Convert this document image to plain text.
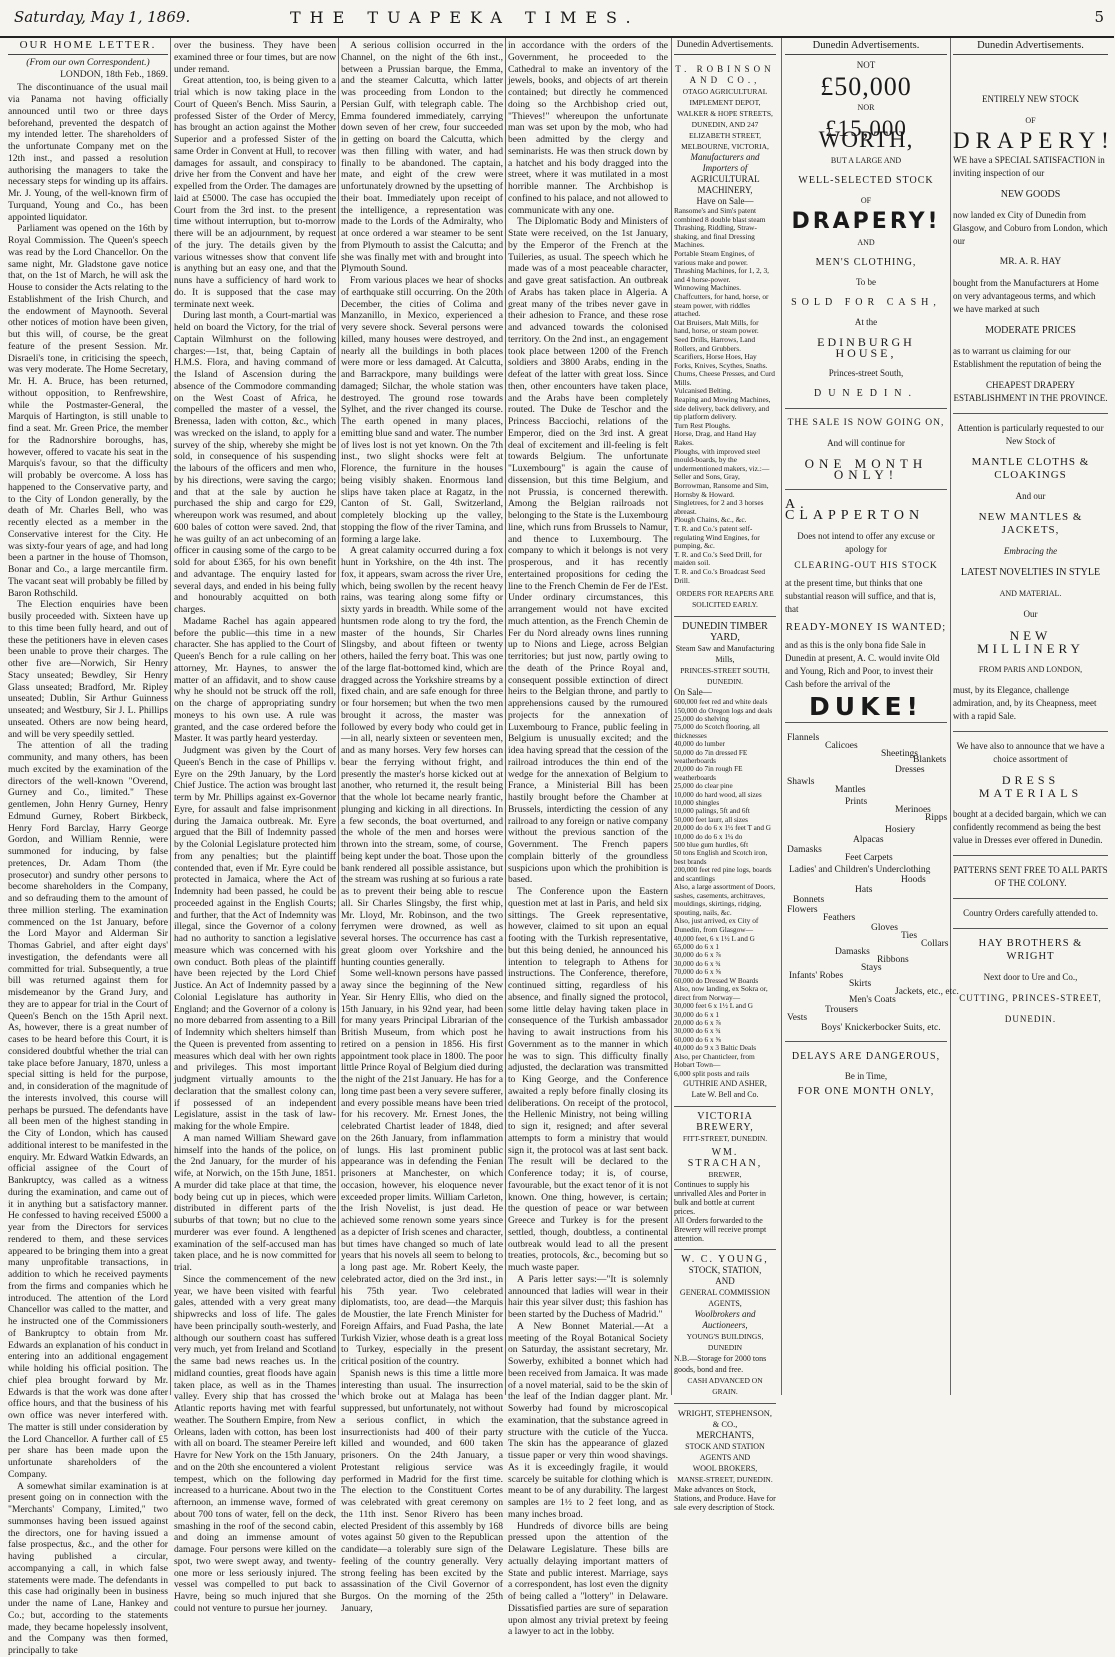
Saturday, May 1, 1869.	THE TUAPEKA TIMES.	5
OUR HOME LETTER.

(From our own Correspondent.)

LONDON, 18th Feb., 1869.

The discontinuance of the usual mail via Panama not having officially announced until two or three days beforehand, prevented the despatch of my intended letter. The shareholders of the unfortunate Company met on the 12th inst., and passed a resolution authorising the managers to take the necessary steps for winding up its affairs. Mr. J. Young, of the well-known firm of Turquand, Young and Co., has been appointed liquidator.

Parliament was opened on the 16th by Royal Commission. The Queen's speech was read by the Lord Chancellor. On the same night, Mr. Gladstone gave notice that, on the 1st of March, he will ask the House to consider the Acts relating to the Establishment of the Irish Church, and the endowment of Maynooth. Several other notices of motion have been given, but this will, of course, be the great feature of the present Session. Mr. Disraeli's tone, in criticising the speech, was very moderate. The Home Secretary, Mr. H. A. Bruce, has been returned, without opposition, to Renfrewshire, while the Postmaster-General, the Marquis of Hartington, is still unable to find a seat. Mr. Green Price, the member for the Radnorshire boroughs, has, however, offered to vacate his seat in the Marquis's favour, so that the difficulty will probably be overcome. A loss has happened to the Conservative party, and to the City of London generally, by the death of Mr. Charles Bell, who was recently elected as a member in the Conservative interest for the City. He was sixty-four years of age, and had long been a partner in the house of Thomson, Bonar and Co., a large mercantile firm. The vacant seat will probably be filled by Baron Rothschild.

The Election enquiries have been busily proceeded with. Sixteen have up to this time been fully heard, and out of these the petitioners have in eleven cases been unable to prove their charges. The other five are—Norwich, Sir Henry Stacy unseated; Bewdley, Sir Henry Glass unseated; Bradford, Mr. Ripley unseated; Dublin, Sir Arthur Guinness unseated; and Westbury, Sir J. L. Phillips unseated. Others are now being heard, and will be very speedily settled.

The attention of all the trading community, and many others, has been much excited by the examination of the directors of the well-known "Overend, Gurney and Co., limited." These gentlemen, John Henry Gurney, Henry Edmund Gurney, Robert Birkbeck, Henry Ford Barclay, Harry George Gordon, and William Rennie, were summoned for inducing, by false pretences, Dr. Adam Thom (the prosecutor) and sundry other persons to become shareholders in the Company, and so defrauding them to the amount of three million sterling. The examination commenced on the 1st January, before the Lord Mayor and Alderman Sir Thomas Gabriel, and after eight days' investigation, the defendants were all committed for trial. Subsequently, a true bill was returned against them for misdemeanor by the Grand Jury, and they are to appear for trial in the Court of Queen's Bench on the 15th April next. As, however, there is a great number of cases to be heard before this Court, it is considered doubtful whether the trial can take place before January, 1870, unless a special sitting is held for the purpose, and, in consideration of the magnitude of the interests involved, this course will perhaps be pursued. The defendants have all been men of the highest standing in the City of London, which has caused additional interest to be manifested in the enquiry. Mr. Edward Watkin Edwards, an official assignee of the Court of Bankruptcy, was called as a witness during the examination, and came out of it in anything but a satisfactory manner. He confessed to having received £5000 a year from the Directors for services rendered to them, and these services appeared to be bringing them into a great many unprofitable transactions, in addition to which he received payments from the firms and companies which he introduced. The attention of the Lord Chancellor was called to the matter, and he instructed one of the Commissioners of Bankruptcy to obtain from Mr. Edwards an explanation of his conduct in entering into an additional engagement while holding his official position. The chief plea brought forward by Mr. Edwards is that the work was done after office hours, and that the business of his own office was never interfered with. The matter is still under consideration by the Lord Chancellor. A further call of £5 per share has been made upon the unfortunate shareholders of the Company.

A somewhat similar examination is at present going on in connection with the "Merchants' Company, Limited," two summonses having been issued against the directors, one for having issued a false prospectus, &c., and the other for having published a circular, accompanying a call, in which false statements were made. The defendants in this case had originally been in business under the name of Lane, Hankey and Co.; but, according to the statements made, they became hopelessly insolvent, and the Company was then formed, principally to take

over the business. They have been examined three or four times, but are now under remand.

Great attention, too, is being given to a trial which is now taking place in the Court of Queen's Bench. Miss Saurin, a professed Sister of the Order of Mercy, has brought an action against the Mother Superior and a professed Sister of the same Order in Convent at Hull, to recover damages for assault, and conspiracy to drive her from the Convent and have her expelled from the Order. The damages are laid at £5000. The case has occupied the Court from the 3rd inst. to the present time without interruption, but to-morrow there will be an adjournment, by request of the jury. The details given by the various witnesses show that convent life is anything but an easy one, and that the nuns have a sufficiency of hard work to do. It is supposed that the case may terminate next week.

During last month, a Court-martial was held on board the Victory, for the trial of Captain Wilmhurst on the following charges:—1st, that, being Captain of H.M.S. Flora, and having command of the Island of Ascension during the absence of the Commodore commanding on the West Coast of Africa, he compelled the master of a vessel, the Brenessa, laden with cotton, &c., which was wrecked on the island, to apply for a survey of the ship, whereby she might be sold, in consequence of his suspending the labours of the officers and men who, by his directions, were saving the cargo; and that at the sale by auction he purchased the ship and cargo for £29, whereupon work was resumed, and about 600 bales of cotton were saved. 2nd, that he was guilty of an act unbecoming of an officer in causing some of the cargo to be sold for about £365, for his own benefit and advantage. The enquiry lasted for several days, and ended in his being fully and honourably acquitted on both charges.

Madame Rachel has again appeared before the public—this time in a new character. She has applied to the Court of Queen's Bench for a rule calling on her attorney, Mr. Haynes, to answer the matter of an affidavit, and to show cause why he should not be struck off the roll, on the charge of appropriating sundry moneys to his own use. A rule was granted, and the case ordered before the Master. It was partly heard yesterday.

Judgment was given by the Court of Queen's Bench in the case of Phillips v. Eyre on the 29th January, by the Lord Chief Justice. The action was brought last term by Mr. Phillips against ex-Governor Eyre, for assault and false imprisonment during the Jamaica outbreak. Mr. Eyre argued that the Bill of Indemnity passed by the Colonial Legislature protected him from any penalties; but the plaintiff contended that, even if Mr. Eyre could be protected in Jamaica, where the Act of Indemnity had been passed, he could be proceeded against in the English Courts; and further, that the Act of Indemnity was illegal, since the Governor of a colony had no authority to sanction a legislative measure which was concerned with his own conduct. Both pleas of the plaintiff have been rejected by the Lord Chief Justice. An Act of Indemnity passed by a Colonial Legislature has authority in England; and the Governor of a colony is no more debarred from assenting to a Bill of Indemnity which shelters himself than the Queen is prevented from assenting to measures which deal with her own rights and privileges. This most important judgment virtually amounts to the declaration that the smallest colony can, if possessed of an independent Legislature, assist in the task of law-making for the whole Empire.

A man named William Sheward gave himself into the hands of the police, on the 2nd January, for the murder of his wife, at Norwich, on the 15th June, 1851. A murder did take place at that time, the body being cut up in pieces, which were distributed in different parts of the suburbs of that town; but no clue to the murderer was ever found. A lengthened examination of the self-accused man has taken place, and he is now committed for trial.

Since the commencement of the new year, we have been visited with fearful gales, attended with a very great many shipwrecks and loss of life. The gales have been principally south-westerly, and although our southern coast has suffered very much, yet from Ireland and Scotland the same bad news reaches us. In the midland counties, great floods have again taken place, as well as in the Thames valley. Every ship that has crossed the Atlantic reports having met with fearful weather. The Southern Empire, from New Orleans, laden with cotton, has been lost with all on board. The steamer Pereire left Havre for New York on the 15th January, and on the 20th she encountered a violent tempest, which on the following day increased to a hurricane. About two in the afternoon, an immense wave, formed of about 700 tons of water, fell on the deck, smashing in the roof of the second cabin, and doing an immense amount of damage. Four persons were killed on the spot, two were swept away, and twenty-one more or less seriously injured. The vessel was compelled to put back to Havre, being so much injured that she could not venture to pursue her journey.

A serious collision occurred in the Channel, on the night of the 6th inst., between a Prussian barque, the Emma, and the steamer Calcutta, which latter was proceeding from London to the Persian Gulf, with telegraph cable. The Emma foundered immediately, carrying down seven of her crew, four succeeded in getting on board the Calcutta, which was then filling with water, and had finally to be abandoned. The captain, mate, and eight of the crew were unfortunately drowned by the upsetting of their boat. Immediately upon receipt of the intelligence, a representation was made to the Lords of the Admiralty, who at once ordered a war steamer to be sent from Plymouth to assist the Calcutta; and she was finally met with and brought into Plymouth Sound.

From various places we hear of shocks of earthquake still occurring. On the 20th December, the cities of Colima and Manzanillo, in Mexico, experienced a very severe shock. Several persons were killed, many houses were destroyed, and nearly all the buildings in both places were more or less damaged. At Calcutta, and Barrackpore, many buildings were damaged; Silchar, the whole station was destroyed. The ground rose towards Sylhet, and the river changed its course. The earth opened in many places, emitting blue sand and water. The number of lives lost is not yet known. On the 7th inst., two slight shocks were felt at Florence, the furniture in the houses being visibly shaken. Enormous land slips have taken place at Ragatz, in the Canton of St. Gall, Switzerland, completely blocking up the valley, stopping the flow of the river Tamina, and forming a large lake.

A great calamity occurred during a fox hunt in Yorkshire, on the 4th inst. The fox, it appears, swam across the river Ure, which, being swollen by the recent heavy rains, was tearing along some fifty or sixty yards in breadth. While some of the huntsmen rode along to try the ford, the master of the hounds, Sir Charles Slingsby, and about fifteen or twenty others, hailed the ferry boat. This was one of the large flat-bottomed kind, which are dragged across the Yorkshire streams by a fixed chain, and are safe enough for three or four horsemen; but when the two men brought it across, the master was followed by every body who could get in—in all, nearly sixteen or seventeen men, and as many horses. Very few horses can bear the ferrying without fright, and presently the master's horse kicked out at another, who returned it, the result being that the whole lot became nearly frantic, plunging and kicking in all directions. In a few seconds, the boat overturned, and the whole of the men and horses were thrown into the stream, some, of course, being kept under the boat. Those upon the bank rendered all possible assistance, but the stream was rushing at so furious a rate as to prevent their being able to rescue all. Sir Charles Slingsby, the first whip, Mr. Lloyd, Mr. Robinson, and the two ferrymen were drowned, as well as several horses. The occurrence has cast a great gloom over Yorkshire and the hunting counties generally.

Some well-known persons have passed away since the beginning of the New Year. Sir Henry Ellis, who died on the 15th January, in his 92nd year, had been for many years Principal Librarian of the British Museum, from which post he retired on a pension in 1856. His first appointment took place in 1800. The poor little Prince Royal of Belgium died during the night of the 21st January. He has for a long time past been a very severe sufferer, and every possible means have been tried for his recovery. Mr. Ernest Jones, the celebrated Chartist leader of 1848, died on the 26th January, from inflammation of lungs. His last prominent public appearance was in defending the Fenian prisoners at Manchester, on which occasion, however, his eloquence never exceeded proper limits. William Carleton, the Irish Novelist, is just dead. He achieved some renown some years since as a depicter of Irish scenes and character, but times have changed so much of late years that his novels all seem to belong to a long past age. Mr. Robert Keely, the celebrated actor, died on the 3rd inst., in his 75th year. Two celebrated diplomatists, too, are dead—the Marquis de Moustier, the late French Minister for Foreign Affairs, and Fuad Pasha, the late Turkish Vizier, whose death is a great loss to Turkey, especially in the present critical position of the country.

Spanish news is this time a little more interesting than usual. The insurrection which broke out at Malaga has been suppressed, but unfortunately, not without a serious conflict, in which the insurrectionists had 400 of their party killed and wounded, and 600 taken prisoners. On the 24th January, a Protestant religious service was performed in Madrid for the first time. The election to the Constituent Cortes was celebrated with great ceremony on the 11th inst. Senor Rivero has been elected President of this assembly by 168 votes against 50 given to the Republican candidate—a tolerably sure sign of the feeling of the country generally. Very strong feeling has been excited by the assassination of the Civil Governor of Burgos. On the morning of the 25th January,

in accordance with the orders of the Government, he proceeded to the Cathedral to make an inventory of the jewels, books, and objects of art therein contained; but directly he commenced doing so the Archbishop cried out, "Thieves!" whereupon the unfortunate man was set upon by the mob, who had been admitted by the clergy and seminarists. He was then struck down by a hatchet and his body dragged into the street, where it was mutilated in a most horrible manner. The Archbishop is confined to his palace, and not allowed to communicate with any one.

The Diplomatic Body and Ministers of State were received, on the 1st January, by the Emperor of the French at the Tuileries, as usual. The speech which he made was of a most peaceable character, and gave great satisfaction. An outbreak of Arabs has taken place in Algeria. A great many of the tribes never gave in their adhesion to France, and these rose and advanced towards the colonised territory. On the 2nd inst., an engagement took place between 1200 of the French soldiers and 3800 Arabs, ending in the defeat of the latter with great loss. Since then, other encounters have taken place, and the Arabs have been completely routed. The Duke de Teschor and the Princess Bacciochi, relations of the Emperor, died on the 3rd inst. A great deal of excitement and ill-feeling is felt towards Belgium. The unfortunate "Luxembourg" is again the cause of dissension, but this time Belgium, and not Prussia, is concerned therewith. Among the Belgian railroads not belonging to the State is the Luxembourg line, which runs from Brussels to Namur, and thence to Luxembourg. The company to which it belongs is not very prosperous, and it has recently entertained propositions for ceding the line to the French Chemin de Fer de l'Est. Under ordinary circumstances, this arrangement would not have excited much attention, as the French Chemin de Fer du Nord already owns lines running up to Nions and Liege, across Belgian territories; but just now, partly owing to the death of the Prince Royal and, consequent possible extinction of direct heirs to the Belgian throne, and partly to apprehensions caused by the rumoured projects for the annexation of Luxembourg to France, public feeling in Belgium is unusually excited; and the idea having spread that the cession of the railroad introduces the thin end of the wedge for the annexation of Belgium to France, a Ministerial Bill has been hastily brought before the Chamber at Brussels, interdicting the cession of any railroad to any foreign or native company without the previous sanction of the Government. The French papers complain bitterly of the groundless suspicions upon which the prohibition is based.

The Conference upon the Eastern question met at last in Paris, and held six sittings. The Greek representative, however, claimed to sit upon an equal footing with the Turkish representative, but this being denied, he announced his intention to telegraph to Athens for instructions. The Conference, therefore, continued sitting, regardless of his absence, and finally signed the protocol, some little delay having taken place in consequence of the Turkish ambassador having to await instructions from his Government as to the manner in which he was to sign. This difficulty finally adjusted, the declaration was transmitted to King George, and the Conference awaited a reply before finally closing its deliberations. On receipt of the protocol, the Hellenic Ministry, not being willing to sign it, resigned; and after several attempts to form a ministry that would sign it, the protocol was at last sent back. The result will be declared to the Conference today; it is, of course, favourable, but the exact tenor of it is not known. One thing, however, is certain; the question of peace or war between Greece and Turkey is for the present settled, though, doubtless, a continental outbreak would lead to all the present treaties, protocols, &c., becoming but so much waste paper.

A Paris letter says:—"It is solemnly announced that ladies will wear in their hair this year silver dust; this fashion has been started by the Duchess of Madrid."

A New Bonnet Material.—At a meeting of the Royal Botanical Society on Saturday, the assistant secretary, Mr. Sowerby, exhibited a bonnet which had been received from Jamaica. It was made of a novel material, said to be the skin of the leaf of the Indian dagger plant. Mr. Sowerby had found by microscopical examination, that the substance agreed in structure with the cuticle of the Yucca. The skin has the appearance of glazed tissue paper or very thin wood shavings. As it is exceedingly fragile, it would scarcely be suitable for clothing which is meant to be of any durability. The largest samples are 1½ to 2 feet long, and as many inches broad.

Hundreds of divorce bills are being pressed upon the attention of the Delaware Legislature. These bills are actually delaying important matters of State and public interest. Marriage, says a correspondent, has lost even the dignity of being called a "lottery" in Delaware. Dissatisfied parties are sure of separation upon almost any trivial pretext by feeing a lawyer to act in the lobby.

Dunedin Advertisements.
T. ROBINSON AND CO.,
OTAGO AGRICULTURAL IMPLEMENT DEPOT,
WALKER & HOPE STREETS, DUNEDIN, AND 247 ELIZABETH STREET,
MELBOURNE, VICTORIA,
Manufacturers and Importers of
AGRICULTURAL MACHINERY,
Have on Sale—
Ransome's and Sim's patent combined 8 double blast steam Thrashing, Riddling, Straw-shaking, and final Dressing Machines.
Portable Steam Engines, of various make and power.
Thrashing Machines, for 1, 2, 3, and 4 horse-power.
Winnowing Machines.
Chaffcutters, for hand, horse, or steam power, with riddles attached.
Oat Bruisers, Malt Mills, for hand, horse, or steam power.
Seed Drills, Harrows, Land Rollers, and Grubbers.
Scarifiers, Horse Hoes, Hay Forks, Knives, Scythes, Snaths.
Churns, Cheese Presses, and Curd Mills.
Vulcanised Belting.
Reaping and Mowing Machines, side delivery, back delivery, and tip platform delivery.
Turn Rest Ploughs.
Horse, Drag, and Hand Hay Rakes.
Ploughs, with improved steel mould-boards, by the undermentioned makers, viz.:—Seller and Sons, Gray, Borrowman, Ransome and Sim, Hornsby & Howard.
Singletrees, for 2 and 3 horses abreast.
Plough Chains, &c., &c.
T. R. and Co.'s patent self-regulating Wind Engines, for pumping, &c.
T. R. and Co.'s Seed Drill, for maiden soil.
T. R. and Co.'s Broadcast Seed Drill.
ORDERS FOR REAPERS ARE SOLICITED EARLY.
DUNEDIN TIMBER YARD,
Steam Saw and Manufacturing Mills,
PRINCES-STREET SOUTH, DUNEDIN.
On Sale—
600,000 feet red and white deals
150,000 do Oregon logs and deals
25,000 do shelving
75,000 do Scotch flooring, all thicknesses
40,000 do lumber
50,000 do 7in dressed FE weatherboards
20,000 do 7in rough FE weatherboards
25,000 do clear pine
10,000 do hard wood, all sizes
10,000 shingles
10,000 palings, 5ft and 6ft
50,000 feet laurr, all sizes
20,000 do do 6 x 1½ feet T and G
10,000 do do 6 x 1¼ do
500 blue gum hurdles, 6ft
50 tons English and Scotch iron, best brands
200,000 feet red pine logs, boards and scantlings
Also, a large assortment of Doors, sashes, casements, architraves, mouldings, skirtings, ridging, spouting, nails, &c.
Also, just arrived, ex City of Dunedin, from Glasgow—
40,000 feet, 6 x 1½ L and G
65,000 do 6 x 1
30,000 do 6 x ⅞
30,000 do 6 x ¾
70,000 do 6 x ⅝
60,000 do Dressed W Boards
Also, now landing, ex Sokra or, direct from Norway—
30,000 feet 6 x 1½ L and G
30,000 do 6 x 1
20,000 do 6 x ⅞
30,000 do 6 x ¾
60,000 do 6 x ⅝
40,000 do 9 x 3 Baltic Deals
Also, per Chanticleer, from Hobart Town—
6,000 split posts and rails
GUTHRIE AND ASHER,
Late W. Bell and Co.
VICTORIA BREWERY,
FITT-STREET, DUNEDIN.
WM. STRACHAN,
BREWER,
Continues to supply his unrivalled Ales and Porter in bulk and bottle at current prices.
All Orders forwarded to the Brewery will receive prompt attention.
W. C. YOUNG,
STOCK, STATION,
AND
GENERAL COMMISSION AGENTS,
Woolbrokers and Auctioneers,
YOUNG'S BUILDINGS, DUNEDIN
N.B.—Storage for 2000 tons goods, bond and free.
CASH ADVANCED ON GRAIN.
WRIGHT, STEPHENSON, & CO.,
MERCHANTS,
STOCK AND STATION AGENTS AND
WOOL BROKERS,
MANSE-STREET, DUNEDIN.
Make advances on Stock, Stations, and Produce. Have for sale every description of Stock.
Dunedin Advertisements.
NOT
£50,000
NOR
£15,000 WORTH,
BUT A LARGE AND
WELL-SELECTED STOCK
OF
DRAPERY!
AND
MEN'S CLOTHING,
To be
SOLD FOR CASH,
At the
EDINBURGH HOUSE,
Princes-street South,
DUNEDIN.
THE SALE IS NOW GOING ON,
And will continue for
ONE MONTH ONLY!
A. CLAPPERTON
Does not intend to offer any excuse or apology for
CLEARING-OUT HIS STOCK
at the present time, but thinks that one substantial reason will suffice, and that is, that
READY-MONEY IS WANTED;
and as this is the only bona fide Sale in Dunedin at present, A. C. would invite Old and Young, Rich and Poor, to invest their Cash before the arrival of the
DUKE!
Flannels
Calicoes
Sheetings
Blankets
Dresses
Shawls
Mantles
Prints
Merinoes
Ripps
Hosiery
Alpacas
Damasks
Feet Carpets
Ladies' and Children's Underclothing
Hoods
Hats
Bonnets
Flowers
Feathers
Gloves
Ties
Collars
Damasks
Ribbons
Stays
Infants' Robes
Skirts
Jackets, etc., etc.
Men's Coats
Trousers
Vests
Boys' Knickerbocker Suits, etc.
DELAYS ARE DANGEROUS,
Be in Time,
FOR ONE MONTH ONLY,
Dunedin Advertisements.

ENTIRELY NEW STOCK

OF

DRAPERY!

WE have a SPECIAL SATISFACTION in inviting inspection of our

NEW GOODS

now landed ex City of Dunedin from Glasgow, and Coburo from London, which our

MR. A. R. HAY

bought from the Manufacturers at Home on very advantageous terms, and which we have marked at such

MODERATE PRICES

as to warrant us claiming for our Establishment the reputation of being the

CHEAPEST DRAPERY ESTABLISHMENT IN THE PROVINCE.

Attention is particularly requested to our New Stock of

MANTLE CLOTHS & CLOAKINGS

And our

NEW MANTLES & JACKETS,

Embracing the

LATEST NOVELTIES IN STYLE

AND MATERIAL.

Our

NEW MILLINERY

FROM PARIS AND LONDON,

must, by its Elegance, challenge admiration, and, by its Cheapness, meet with a rapid Sale.

We have also to announce that we have a choice assortment of

DRESS MATERIALS

bought at a decided bargain, which we can confidently recommend as being the best value in Dresses ever offered in Dunedin.

PATTERNS SENT FREE TO ALL PARTS OF THE COLONY.

Country Orders carefully attended to.

HAY BROTHERS & WRIGHT

Next door to Ure and Co.,

CUTTING, PRINCES-STREET,

DUNEDIN.
